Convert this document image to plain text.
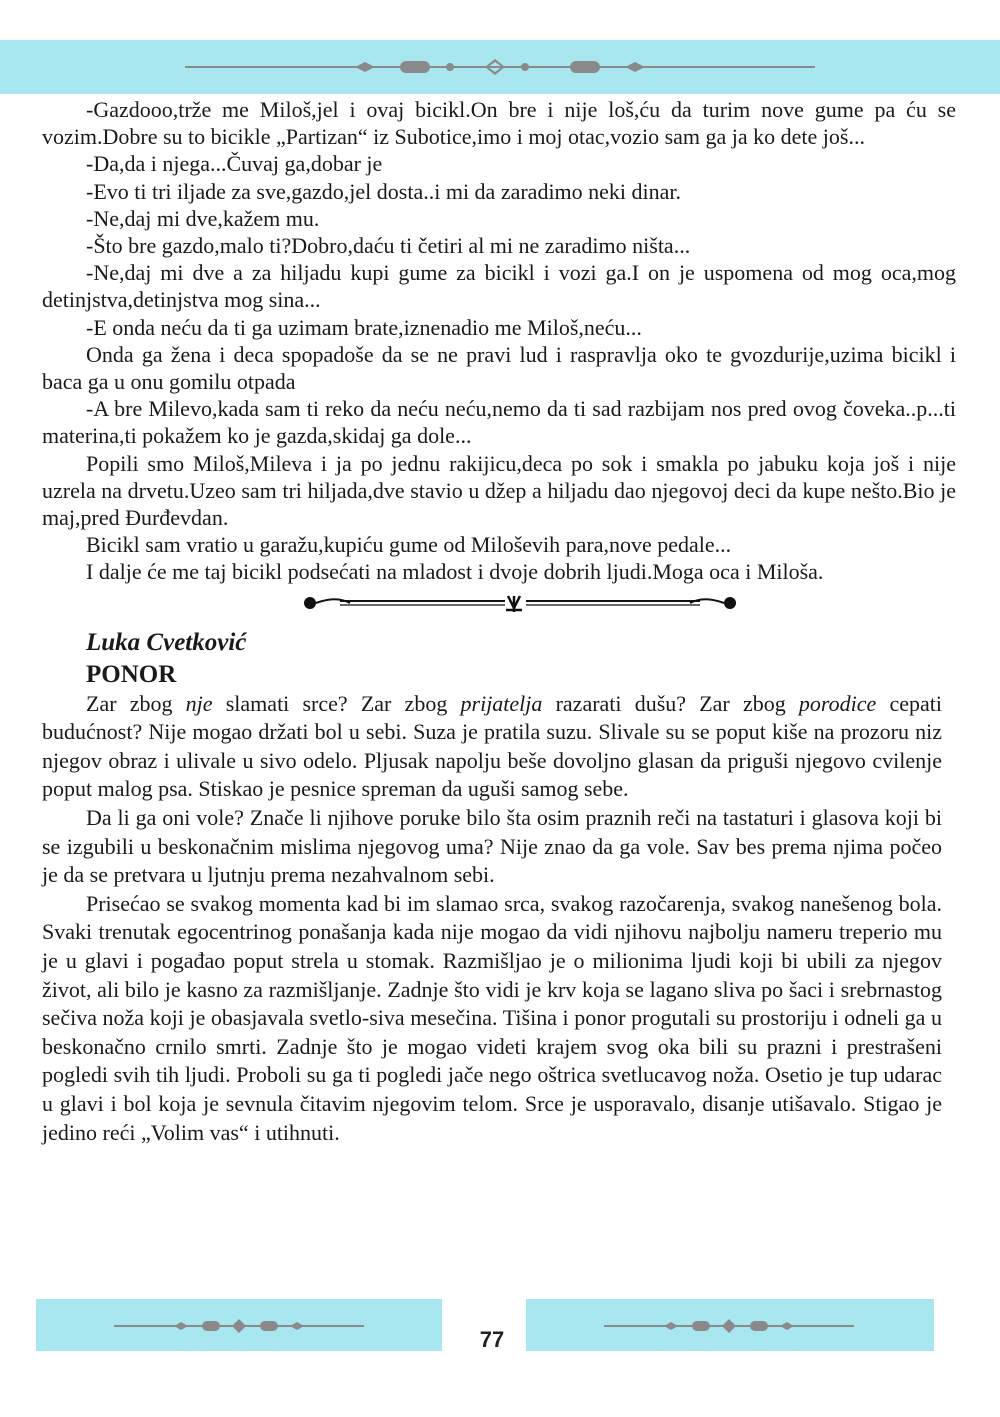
-Gazdooo,trže me Miloš,jel i ovaj bicikl.On bre i nije loš,ću da turim nove gume pa ću se vozim.Dobre su to bicikle „Partizan“ iz Subotice,imo i moj otac,vozio sam ga ja ko dete još...

-Da,da i njega...Čuvaj ga,dobar je

-Evo ti tri iljade za sve,gazdo,jel dosta..i mi da zaradimo neki dinar.

-Ne,daj mi dve,kažem mu.

-Što bre gazdo,malo ti?Dobro,daću ti četiri al mi ne zaradimo ništa...

-Ne,daj mi dve a za hiljadu kupi gume za bicikl i vozi ga.I on je uspomena od mog oca,mog detinjstva,detinjstva mog sina...

-E onda neću da ti ga uzimam brate,iznenadio me Miloš,neću...

Onda ga žena i deca spopadoše da se ne pravi lud i raspravlja oko te gvozdurije,uzima bicikl i baca ga u onu gomilu otpada

-A bre Milevo,kada sam ti reko da neću neću,nemo da ti sad razbijam nos pred ovog čoveka..p...ti materina,ti pokažem ko je gazda,skidaj ga dole...

Popili smo Miloš,Mileva i ja po jednu rakijicu,deca po sok i smakla po jabuku koja još i nije uzrela na drvetu.Uzeo sam tri hiljada,dve stavio u džep a hiljadu dao njegovoj deci da kupe nešto.Bio je maj,pred Đurđevdan.

Bicikl sam vratio u garažu,kupiću gume od Miloševih para,nove pedale...

I dalje će me taj bicikl podsećati na mladost i dvoje dobrih ljudi.Moga oca i Miloša.

Luka Cvetković
PONOR

Zar zbog nje slamati srce? Zar zbog prijatelja razarati dušu? Zar zbog porodice cepati budućnost? Nije mogao držati bol u sebi. Suza je pratila suzu. Slivale su se poput kiše na prozoru niz njegov obraz i ulivale u sivo odelo. Pljusak napolju beše dovoljno glasan da priguši njegovo cvilenje poput malog psa. Stiskao je pesnice spreman da uguši samog sebe.

Da li ga oni vole? Znače li njihove poruke bilo šta osim praznih reči na tastaturi i glasova koji bi se izgubili u beskonačnim mislima njegovog uma? Nije znao da ga vole. Sav bes prema njima počeo je da se pretvara u ljutnju prema nezahvalnom sebi.

Prisećao se svakog momenta kad bi im slamao srca, svakog razočarenja, svakog nanešenog bola. Svaki trenutak egocentrinog ponašanja kada nije mogao da vidi njihovu najbolju nameru treperio mu je u glavi i pogađao poput strela u stomak. Razmišljao je o milionima ljudi koji bi ubili za njegov život, ali bilo je kasno za razmišljanje. Zadnje što vidi je krv koja se lagano sliva po šaci i srebrnastog sečiva noža koji je obasjavala svetlo-siva mesečina. Tišina i ponor progutali su prostoriju i odneli ga u beskonačno crnilo smrti. Zadnje što je mogao videti krajem svog oka bili su prazni i prestrašeni pogledi svih tih ljudi. Proboli su ga ti pogledi jače nego oštrica svetlucavog noža. Osetio je tup udarac u glavi i bol koja je sevnula čitavim njegovim telom. Srce je usporavalo, disanje utišavalo. Stigao je jedino reći „Volim vas“ i utihnuti.

77
